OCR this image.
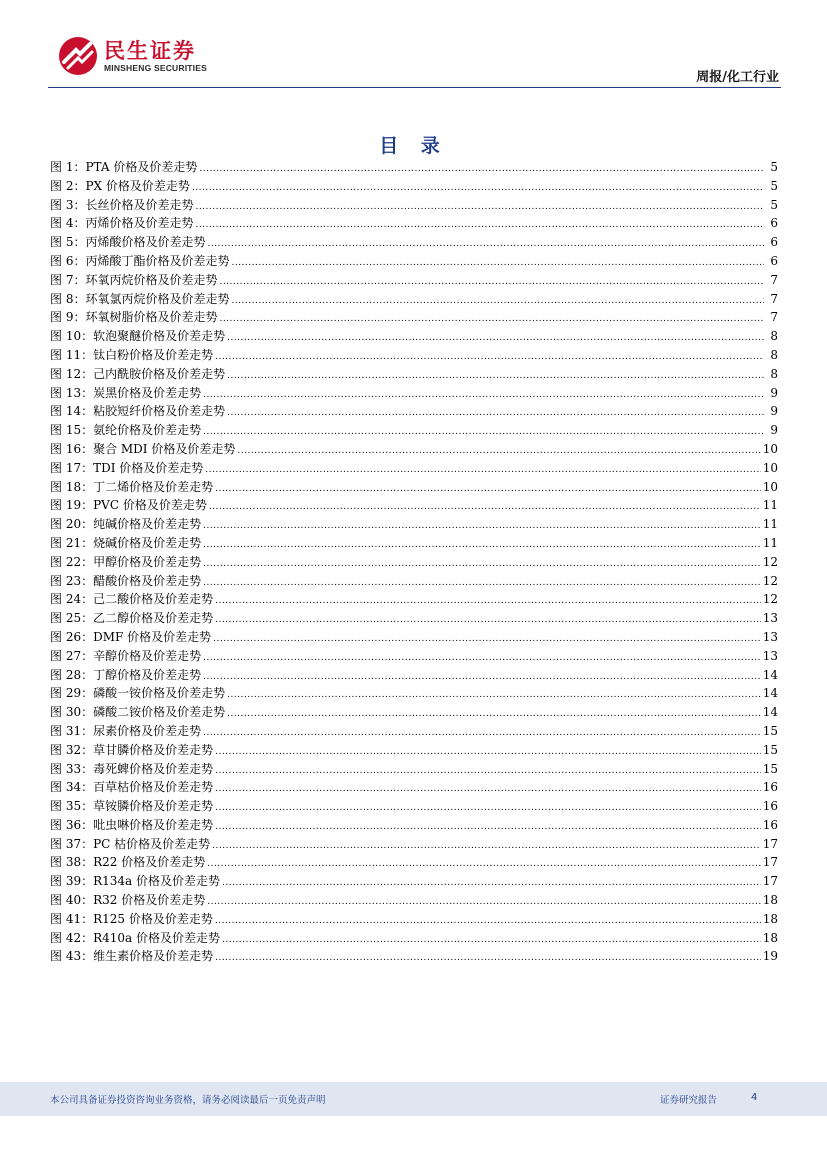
民生证券
MINSHENG SECURITIES
周报/化工行业
目 录
图 1：PTA 价格及价差走势 .....	5
图 2：PX 价格及价差走势 .....	5
图 3：长丝价格及价差走势 .....	5
图 4：丙烯价格及价差走势 .....	6
图 5：丙烯酸价格及价差走势 .....	6
图 6：丙烯酸丁酯价格及价差走势 .....	6
图 7：环氧丙烷价格及价差走势 .....	7
图 8：环氧氯丙烷价格及价差走势 .....	7
图 9：环氧树脂价格及价差走势 .....	7
图 10：软泡聚醚价格及价差走势 .....	8
图 11：钛白粉价格及价差走势 .....	8
图 12：己内酰胺价格及价差走势 .....	8
图 13：炭黑价格及价差走势 .....	9
图 14：粘胶短纤价格及价差走势 .....	9
图 15：氨纶价格及价差走势 .....	9
图 16：聚合 MDI 价格及价差走势 .....	10
图 17：TDI 价格及价差走势 .....	10
图 18：丁二烯价格及价差走势 .....	10
图 19：PVC 价格及价差走势 .....	11
图 20：纯碱价格及价差走势 .....	11
图 21：烧碱价格及价差走势 .....	11
图 22：甲醇价格及价差走势 .....	12
图 23：醋酸价格及价差走势 .....	12
图 24：己二酸价格及价差走势 .....	12
图 25：乙二醇价格及价差走势 .....	13
图 26：DMF 价格及价差走势 .....	13
图 27：辛醇价格及价差走势 .....	13
图 28：丁醇价格及价差走势 .....	14
图 29：磷酸一铵价格及价差走势 .....	14
图 30：磷酸二铵价格及价差走势 .....	14
图 31：尿素价格及价差走势 .....	15
图 32：草甘膦价格及价差走势 .....	15
图 33：毒死蜱价格及价差走势 .....	15
图 34：百草枯价格及价差走势 .....	16
图 35：草铵膦价格及价差走势 .....	16
图 36：吡虫啉价格及价差走势 .....	16
图 37：PC 枯价格及价差走势 .....	17
图 38：R22 价格及价差走势 .....	17
图 39：R134a 价格及价差走势 .....	17
图 40：R32 价格及价差走势 .....	18
图 41：R125 价格及价差走势 .....	18
图 42：R410a 价格及价差走势 .....	18
图 43：维生素价格及价差走势 .....	19
本公司具备证券投资咨询业务资格，请务必阅读最后一页免责声明	证券研究报告	4
